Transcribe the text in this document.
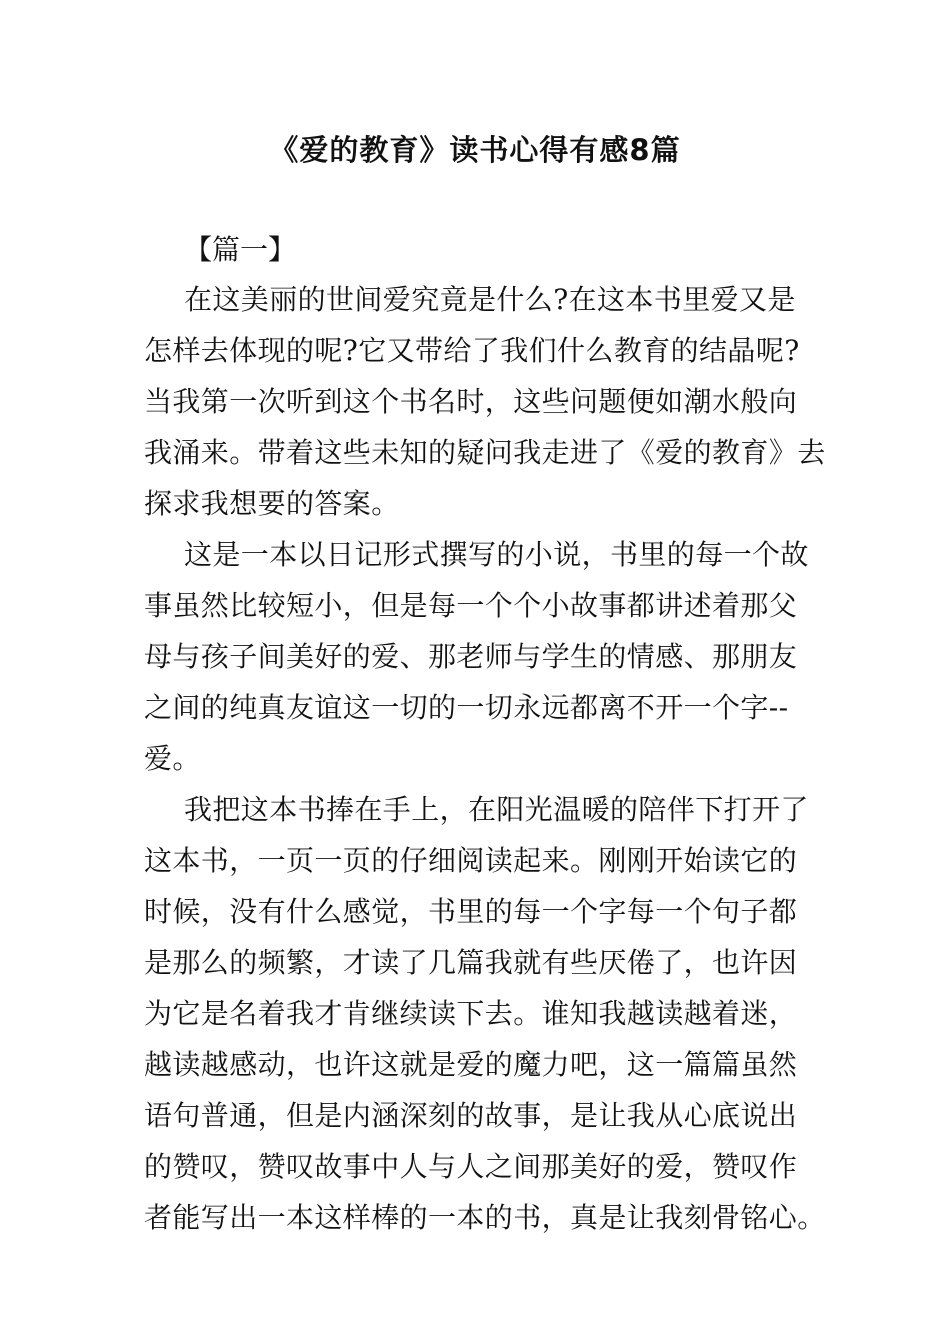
《爱的教育》读书心得有感8篇
【篇一】
在这美丽的世间爱究竟是什么?在这本书里爱又是
怎样去体现的呢?它又带给了我们什么教育的结晶呢?
当我第一次听到这个书名时，这些问题便如潮水般向
我涌来。带着这些未知的疑问我走进了《爱的教育》去
探求我想要的答案。
这是一本以日记形式撰写的小说，书里的每一个故
事虽然比较短小，但是每一个个小故事都讲述着那父
母与孩子间美好的爱、那老师与学生的情感、那朋友
之间的纯真友谊这一切的一切永远都离不开一个字--
爱。
我把这本书捧在手上，在阳光温暖的陪伴下打开了
这本书，一页一页的仔细阅读起来。刚刚开始读它的
时候，没有什么感觉，书里的每一个字每一个句子都
是那么的频繁，才读了几篇我就有些厌倦了，也许因
为它是名着我才肯继续读下去。谁知我越读越着迷，
越读越感动，也许这就是爱的魔力吧，这一篇篇虽然
语句普通，但是内涵深刻的故事，是让我从心底说出
的赞叹，赞叹故事中人与人之间那美好的爱，赞叹作
者能写出一本这样棒的一本的书，真是让我刻骨铭心。
